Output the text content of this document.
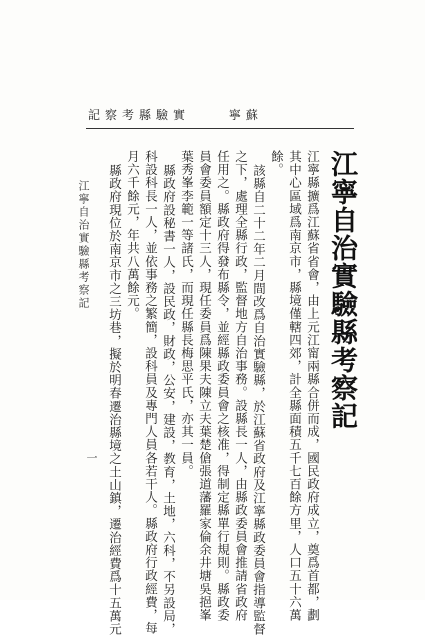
記察考縣驗實	寧蘇
江寧自治實驗縣考察記
江寧縣擴爲江蘇省省會，由上元江甯兩縣合併而成，國民政府成立，奠爲首都，劃
其中心區域爲南京市，縣境僅轄四郊，計全縣面積五千七百餘方里，人口五十六萬
餘。
該縣自二十二年二月間改爲自治實驗縣，於江蘇省政府及江寧縣政委員會指導監督
之下，處理全縣行政，監督地方自治事務。設縣長一人，由縣政委員會推請省政府
任用之。縣政府得發布縣令，並經縣政委員會之核准，得制定縣單行規則。縣政委
員會委員額定十三人，現任委員爲陳果夫陳立夫葉楚傖張道藩羅家倫余井塘吳挹峯
葉秀峯李範一等諸氏，而現任縣長梅思平氏，亦其一員。
縣政府設秘書一人，設民政，財政，公安，建設，教育，土地，六科，不另設局，
科設科長一人，並依事務之繁簡，設科員及專門人員各若干人。縣政府行政經費，每
月六千餘元，年共八萬餘元。
縣政府現位於南京市之三坊巷，擬於明春遷治縣境之土山鎮，遷治經費爲十五萬元
江寧自治實驗縣考察記
一
